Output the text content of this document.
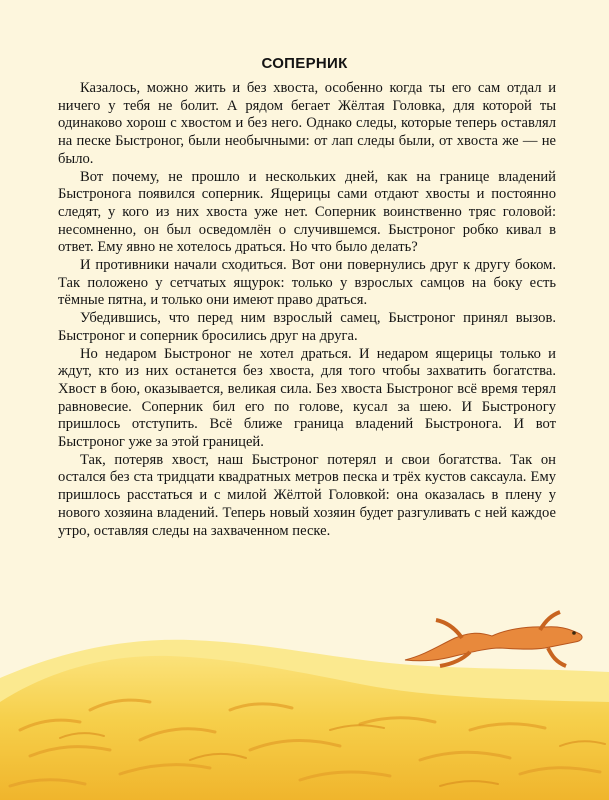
СОПЕРНИК

Казалось, можно жить и без хвоста, особенно когда ты его сам отдал и ничего у тебя не болит. А рядом бегает Жёлтая Головка, для которой ты одинаково хорош с хвостом и без него. Однако следы, которые теперь оставлял на песке Быстроног, были необычными: от лап следы были, от хвоста же — не было.

Вот почему, не прошло и нескольких дней, как на границе владений Быстронога появился соперник. Ящерицы сами отдают хвосты и постоянно следят, у кого из них хвоста уже нет. Соперник воинственно тряс головой: несомненно, он был осведомлён о случившемся. Быстроног робко кивал в ответ. Ему явно не хотелось драться. Но что было делать?

И противники начали сходиться. Вот они повернулись друг к другу боком. Так положено у сетчатых ящурок: только у взрослых самцов на боку есть тёмные пятна, и только они имеют право драться.

Убедившись, что перед ним взрослый самец, Быстроног принял вызов. Быстроног и соперник бросились друг на друга.

Но недаром Быстроног не хотел драться. И недаром ящерицы только и ждут, кто из них останется без хвоста, для того чтобы захватить богатства. Хвост в бою, оказывается, великая сила. Без хвоста Быстроног всё время терял равновесие. Соперник бил его по голове, кусал за шею. И Быстроногу пришлось отступить. Всё ближе граница владений Быстронога. И вот Быстроног уже за этой границей.

Так, потеряв хвост, наш Быстроног потерял и свои богатства. Так он остался без ста тридцати квадратных метров песка и трёх кустов саксаула. Ему пришлось расстаться и с милой Жёлтой Головкой: она оказалась в плену у нового хозяина владений. Теперь новый хозяин будет разгуливать с ней каждое утро, оставляя следы на захваченном песке.
